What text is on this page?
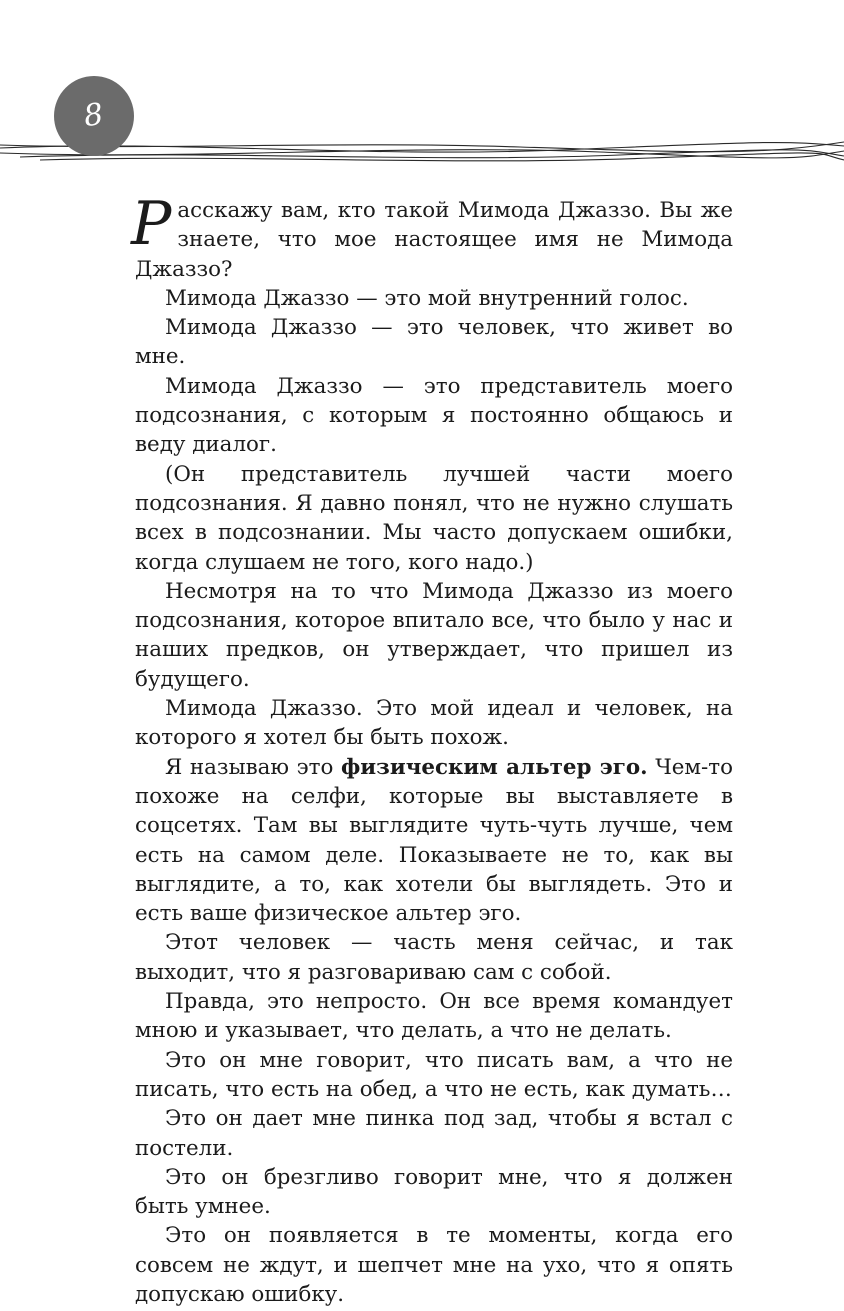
8

Расскажу вам, кто такой Мимода Джаззо. Вы же знаете, что мое настоящее имя не Мимода Джаззо?

Мимода Джаззо — это мой внутренний голос.

Мимода Джаззо — это человек, что живет во мне.

Мимода Джаззо — это представитель моего подсознания, с которым я постоянно общаюсь и веду диалог.

(Он представитель лучшей части моего подсознания. Я давно понял, что не нужно слушать всех в подсознании. Мы часто допускаем ошибки, когда слушаем не того, кого надо.)

Несмотря на то что Мимода Джаззо из моего подсознания, которое впитало все, что было у нас и наших предков, он утверждает, что пришел из будущего.

Мимода Джаззо. Это мой идеал и человек, на которого я хотел бы быть похож.

Я называю это физическим альтер эго. Чем-то похоже на селфи, которые вы выставляете в соцсетях. Там вы выглядите чуть-чуть лучше, чем есть на самом деле. Показываете не то, как вы выглядите, а то, как хотели бы выглядеть. Это и есть ваше физическое альтер эго.

Этот человек — часть меня сейчас, и так выходит, что я разговариваю сам с собой.

Правда, это непросто. Он все время командует мною и указывает, что делать, а что не делать.

Это он мне говорит, что писать вам, а что не писать, что есть на обед, а что не есть, как думать…

Это он дает мне пинка под зад, чтобы я встал с постели.

Это он брезгливо говорит мне, что я должен быть умнее.

Это он появляется в те моменты, когда его совсем не ждут, и шепчет мне на ухо, что я опять допускаю ошибку.
